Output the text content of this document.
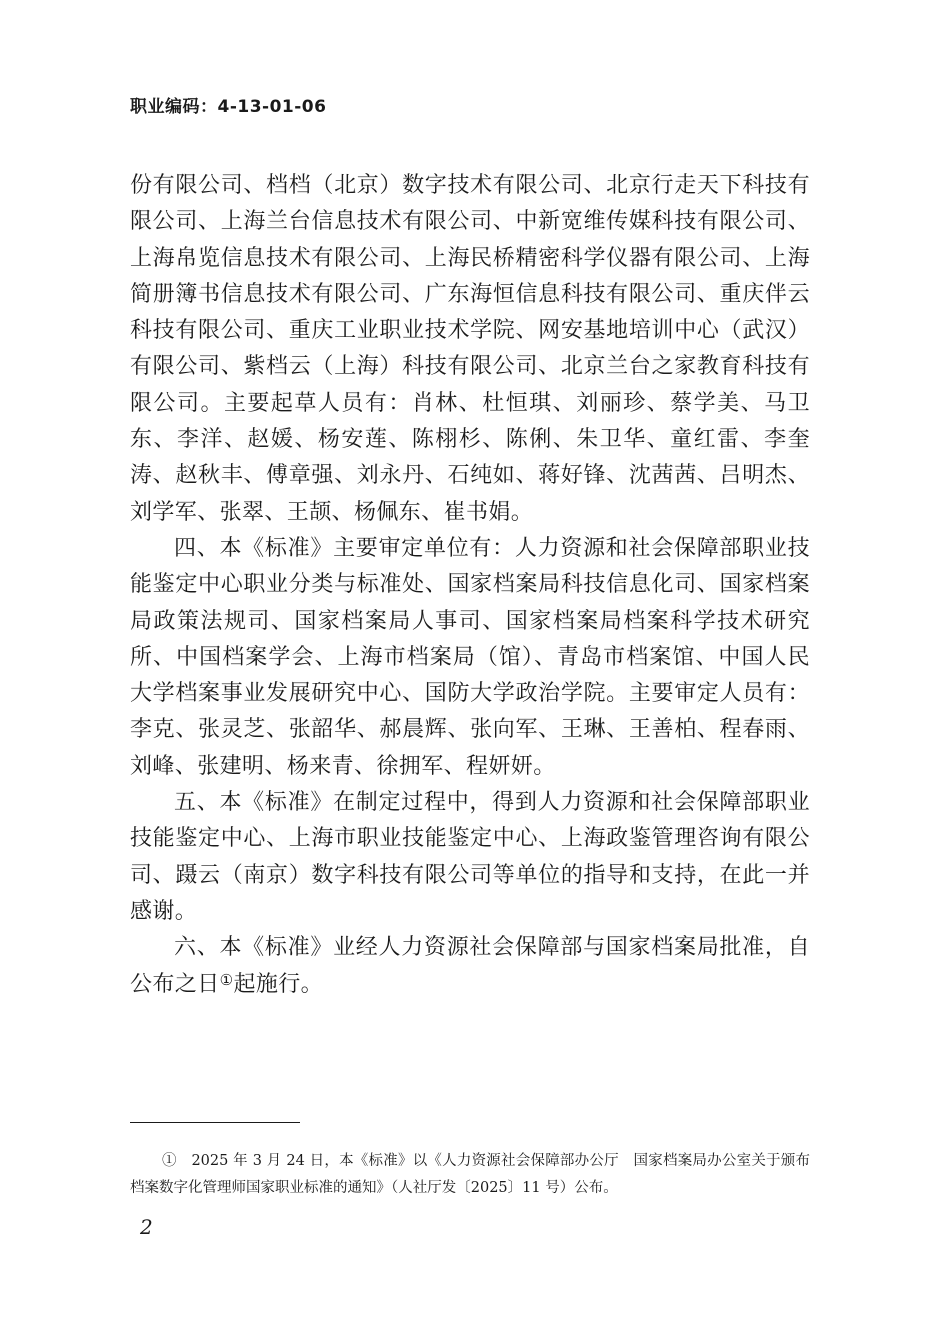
职业编码：4-13-01-06

份有限公司、档档（北京）数字技术有限公司、北京行走天下科技有限公司、上海兰台信息技术有限公司、中新宽维传媒科技有限公司、上海帛览信息技术有限公司、上海民桥精密科学仪器有限公司、上海简册簿书信息技术有限公司、广东海恒信息科技有限公司、重庆伴云科技有限公司、重庆工业职业技术学院、网安基地培训中心（武汉）有限公司、紫档云（上海）科技有限公司、北京兰台之家教育科技有限公司。主要起草人员有：肖林、杜恒琪、刘丽珍、蔡学美、马卫东、李洋、赵媛、杨安莲、陈栩杉、陈俐、朱卫华、童红雷、李奎涛、赵秋丰、傅章强、刘永丹、石纯如、蒋好锋、沈茜茜、吕明杰、刘学军、张翠、王颉、杨佩东、崔书娟。

四、本《标准》主要审定单位有：人力资源和社会保障部职业技能鉴定中心职业分类与标准处、国家档案局科技信息化司、国家档案局政策法规司、国家档案局人事司、国家档案局档案科学技术研究所、中国档案学会、上海市档案局（馆）、青岛市档案馆、中国人民大学档案事业发展研究中心、国防大学政治学院。主要审定人员有：李克、张灵芝、张韶华、郝晨辉、张向军、王琳、王善柏、程春雨、刘峰、张建明、杨来青、徐拥军、程妍妍。

五、本《标准》在制定过程中，得到人力资源和社会保障部职业技能鉴定中心、上海市职业技能鉴定中心、上海政鉴管理咨询有限公司、蹑云（南京）数字科技有限公司等单位的指导和支持，在此一并感谢。

六、本《标准》业经人力资源社会保障部与国家档案局批准，自公布之日①起施行。

①　2025 年 3 月 24 日，本《标准》以《人力资源社会保障部办公厅　国家档案局办公室关于颁布档案数字化管理师国家职业标准的通知》（人社厅发〔2025〕11 号）公布。

2
